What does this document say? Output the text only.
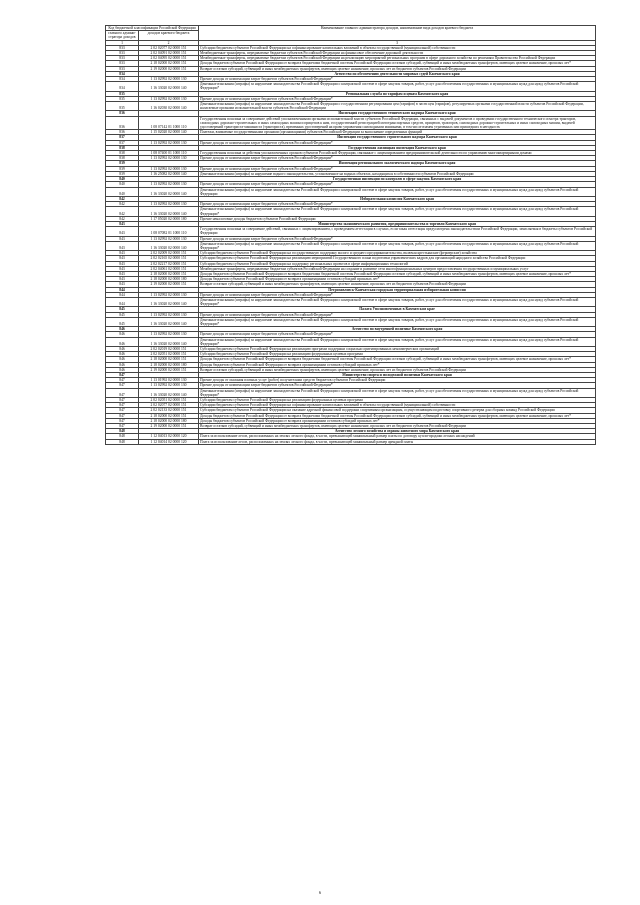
Код бюджетной классификации Российской Федерации		Наименование главного администратора доходов, наименование вида доходов краевого бюджета
главного админи-стратора доходов	доходов краевого бюджета	
1	2	3
833	2 02 02077 02 0000 151	Субсидии бюджетам субъектов Российской Федерации на софинансирование капитальных вложений в объекты государственной (муниципальной) собственности
833	2 02 04091 02 0000 151	Межбюджетные трансферты, передаваемые бюджетам субъектов Российской Федерации на финансовое обеспечение дорожной деятельности
833	2 02 04095 02 0000 151	Межбюджетные трансферты, передаваемые бюджетам субъектов Российской Федерации на реализацию мероприятий региональных программ в сфере дорожного хозяйства по решениям Правительства Российской Федерации
833	2 18 02000 02 0000 151	Доходы бюджетов субъектов Российской Федерации от возврата бюджетами бюджетной системы Российской Федерации остатков субсидий, субвенций и иных межбюджетных трансфертов, имеющих целевое назначение, прошлых лет*
833	2 19 02000 02 0000 151	Возврат остатков субсидий, субвенций и иных межбюджетных трансфертов, имеющих целевое назначение, прошлых лет из бюджетов субъектов Российской Федерации
834		Агентство по обеспечению деятельности мировых судей Камчатского края
834	1 13 02992 02 0000 130	Прочие доходы от компенсации затрат бюджетов субъектов Российской Федерации*
834	1 16 33020 02 0000 140	Денежные взыскания (штрафы) за нарушение законодательства Российской Федерации о контрактной системе в сфере закупок товаров, работ, услуг для обеспечения государственных и муниципальных нужд для нужд субъектов Российской Федерации*
835		Региональная служба по тарифам и ценам Камчатского края
835	1 13 02992 02 0000 130	Прочие доходы от компенсации затрат бюджетов субъектов Российской Федерации*
835	1 16 02030 02 0000 140	Денежные взыскания (штрафы) за нарушение законодательства Российской Федерации о государственном регулировании цен (тарифов) в части цен (тарифов), регулируемых органами государственной власти субъектов Российской Федерации, налагаемые органами исполнительной власти субъектов Российской Федерации
836		Инспекция государственного технического надзора Камчатского края
836	1 08 07142 01 1000 110	Государственная пошлина за совершение действий уполномоченными органами исполнительной власти субъектов Российской Федерации, связанных с выдачей документов о проведении государственного технического осмотра тракторов, самоходных дорожно-строительных и иных самоходных машин и прицепов к ним, государственной регистрацией мототранспортных средств, прицепов, тракторов, самоходных дорожно-строительных и иных самоходных машин, выдачей удостоверений тракториста-машиниста (тракториста), временных удостоверений на право управления самоходными машинами, в том числе взамен утраченных или пришедших в негодность
836	1 15 02020 02 0000 140	Платежи, взимаемые государственными органами (организациями) субъектов Российской Федерации за выполнение определенных функций
837		Инспекция государственного строительного надзора Камчатского края
837	1 13 02992 02 0000 130	Прочие доходы от компенсации затрат бюджетов субъектов Российской Федерации*
838		Государственная жилищная инспекция Камчатского края
838	1 08 07400 01 1000 110	Государственная пошлина за действия уполномоченных органов субъектов Российской Федерации, связанные с лицензированием предпринимательской деятельности по управлению многоквартирными домами
838	1 13 02992 02 0000 130	Прочие доходы от компенсации затрат бюджетов субъектов Российской Федерации*
839		Инспекция регионального экологического надзора Камчатского края
839	1 13 02992 02 0000 130	Прочие доходы от компенсации затрат бюджетов субъектов Российской Федерации*
839	1 16 25082 02 0000 140	Денежные взыскания (штрафы) за нарушение водного законодательства, установленное на водных объектах, находящихся в собственности субъектов Российской Федерации
840		Государственная инспекция по контролю в сфере закупок Камчатского края
840	1 13 02992 02 0000 130	Прочие доходы от компенсации затрат бюджетов субъектов Российской Федерации*
840	1 16 33020 02 0000 140	Денежные взыскания (штрафы) за нарушение законодательства Российской Федерации о контрактной системе в сфере закупок товаров, работ, услуг для обеспечения государственных и муниципальных нужд для нужд субъектов Российской Федерации
842		Избирательная комиссия Камчатского края
842	1 13 02992 02 0000 130	Прочие доходы от компенсации затрат бюджетов субъектов Российской Федерации*
842	1 16 33020 02 0000 140	Денежные взыскания (штрафы) за нарушение законодательства Российской Федерации о контрактной системе в сфере закупок товаров, работ, услуг для обеспечения государственных и муниципальных нужд для нужд субъектов Российской Федерации*
842	1 17 05020 02 0000 180	Прочие неналоговые доходы бюджетов субъектов Российской Федерации
843		Министерство экономического развития, предпринимательства и торговли Камчатского края
843	1 08 07082 01 1000 110	Государственная пошлина за совершение действий, связанных с лицензированием, с проведением аттестации в случаях, если такая аттестация предусмотрена законодательством Российской Федерации, зачисляемая в бюджеты субъектов Российской Федерации
843	1 13 02992 02 0000 130	Прочие доходы от компенсации затрат бюджетов субъектов Российской Федерации*
843	1 16 33020 02 0000 140	Денежные взыскания (штрафы) за нарушение законодательства Российской Федерации о контрактной системе в сфере закупок товаров, работ, услуг для обеспечения государственных и муниципальных нужд для нужд субъектов Российской Федерации*
843	2 02 02009 02 0000 151	Субсидии бюджетам субъектов Российской Федерации на государственную поддержку малого и среднего предпринимательства, включая крестьянские (фермерские) хозяйства
843	2 02 02165 02 0000 151	Субсидии бюджетам субъектов Российской Федерации на реализацию мероприятий Государственного плана подготовки управленческих кадров для организаций народного хозяйства Российской Федерации
843	2 02 02217 02 0000 151	Субсидии бюджетам субъектов Российской Федерации на поддержку региональных проектов в сфере информационных технологий
843	2 02 04061 02 0000 151	Межбюджетные трансферты, передаваемые бюджетам субъектов Российской Федерации на создание и развитие сети многофункциональных центров предоставления государственных и муниципальных услуг
843	2 18 02000 02 0000 151	Доходы бюджетов субъектов Российской Федерации от возврата бюджетами бюджетной системы Российской Федерации остатков субсидий, субвенций и иных межбюджетных трансфертов, имеющих целевое назначение, прошлых лет*
843	2 18 02000 02 0000 180	Доходы бюджетов субъектов Российской Федерации от возврата организациями остатков субсидий прошлых лет*
843	2 19 02000 02 0000 151	Возврат остатков субсидий, субвенций и иных межбюджетных трансфертов, имеющих целевое назначение, прошлых лет из бюджетов субъектов Российской Федерации
844		Петропавловск-Камчатская городская территориальная избирательная комиссия
844	1 13 02992 02 0000 130	Прочие доходы от компенсации затрат бюджетов субъектов Российской Федерации*
844	1 16 33020 02 0000 140	Денежные взыскания (штрафы) за нарушение законодательства Российской Федерации о контрактной системе в сфере закупок товаров, работ, услуг для обеспечения государственных и муниципальных нужд для нужд субъектов Российской Федерации*
845		Палата Уполномоченных в Камчатском крае
845	1 13 02992 02 0000 130	Прочие доходы от компенсации затрат бюджетов субъектов Российской Федерации*
845	1 16 33020 02 0000 140	Денежные взыскания (штрафы) за нарушение законодательства Российской Федерации о контрактной системе в сфере закупок товаров, работ, услуг для обеспечения государственных и муниципальных нужд для нужд субъектов Российской Федерации*
846		Агентство по внутренней политике Камчатского края
846	1 13 02992 02 0000 130	Прочие доходы от компенсации затрат бюджетов субъектов Российской Федерации*
846	1 16 33020 02 0000 140	Денежные взыскания (штрафы) за нарушение законодательства Российской Федерации о контрактной системе в сфере закупок товаров, работ, услуг для обеспечения государственных и муниципальных нужд для нужд субъектов Российской Федерации*
846	2 02 02019 02 0000 151	Субсидии бюджетам субъектов Российской Федерации на реализацию программ поддержки социально ориентированных некоммерческих организаций
846	2 02 02051 02 0000 151	Субсидии бюджетам субъектов Российской Федерации на реализацию федеральных целевых программ
846	2 18 02000 02 0000 151	Доходы бюджетов субъектов Российской Федерации от возврата бюджетами бюджетной системы Российской Федерации остатков субсидий, субвенций и иных межбюджетных трансфертов, имеющих целевое назначение, прошлых лет*
846	2 18 02000 02 0000 180	Доходы бюджетов субъектов Российской Федерации от возврата организациями остатков субсидий прошлых лет*
846	2 19 02000 02 0000 151	Возврат остатков субсидий, субвенций и иных межбюджетных трансфертов, имеющих целевое назначение, прошлых лет из бюджетов субъектов Российской Федерации
847		Министерство спорта и молодежной политики Камчатского края
847	1 13 01992 02 0000 130	Прочие доходы от оказания платных услуг (работ) получателями средств бюджетов субъектов Российской Федерации
847	1 13 02992 02 0000 130	Прочие доходы от компенсации затрат бюджетов субъектов Российской Федерации*
847	1 16 33020 02 0000 140	Денежные взыскания (штрафы) за нарушение законодательства Российской Федерации о контрактной системе в сфере закупок товаров, работ, услуг для обеспечения государственных и муниципальных нужд для нужд субъектов Российской Федерации*
847	2 02 02051 02 0000 151	Субсидии бюджетам субъектов Российской Федерации на реализацию федеральных целевых программ
847	2 02 02077 02 0000 151	Субсидии бюджетам субъектов Российской Федерации на софинансирование капитальных вложений в объекты государственной (муниципальной) собственности
847	2 02 02133 02 0000 151	Субсидии бюджетам субъектов Российской Федерации на оказание адресной финансовой поддержки спортивным организациям, осуществляющим подготовку спортивного резерва для сборных команд Российской Федерации
847	2 18 02000 02 0000 151	Доходы бюджетов субъектов Российской Федерации от возврата бюджетами бюджетной системы Российской Федерации остатков субсидий, субвенций и иных межбюджетных трансфертов, имеющих целевое назначение, прошлых лет*
847	2 18 02000 02 0000 180	Доходы бюджетов субъектов Российской Федерации от возврата организациями остатков субсидий прошлых лет*
847	2 19 02000 02 0000 151	Возврат остатков субсидий, субвенций и иных межбюджетных трансфертов, имеющих целевое назначение, прошлых лет из бюджетов субъектов Российской Федерации
848		Агентство лесного хозяйства и охраны животного мира Камчатского края
848	1 12 04013 02 0000 120	Плата за использование лесов, расположенных на землях лесного фонда, в части, превышающей минимальный размер платы по договору купли-продажи лесных насаждений
848	1 12 04014 02 0000 120	Плата за использование лесов, расположенных на землях лесного фонда, в части, превышающей минимальный размер арендной платы
6
